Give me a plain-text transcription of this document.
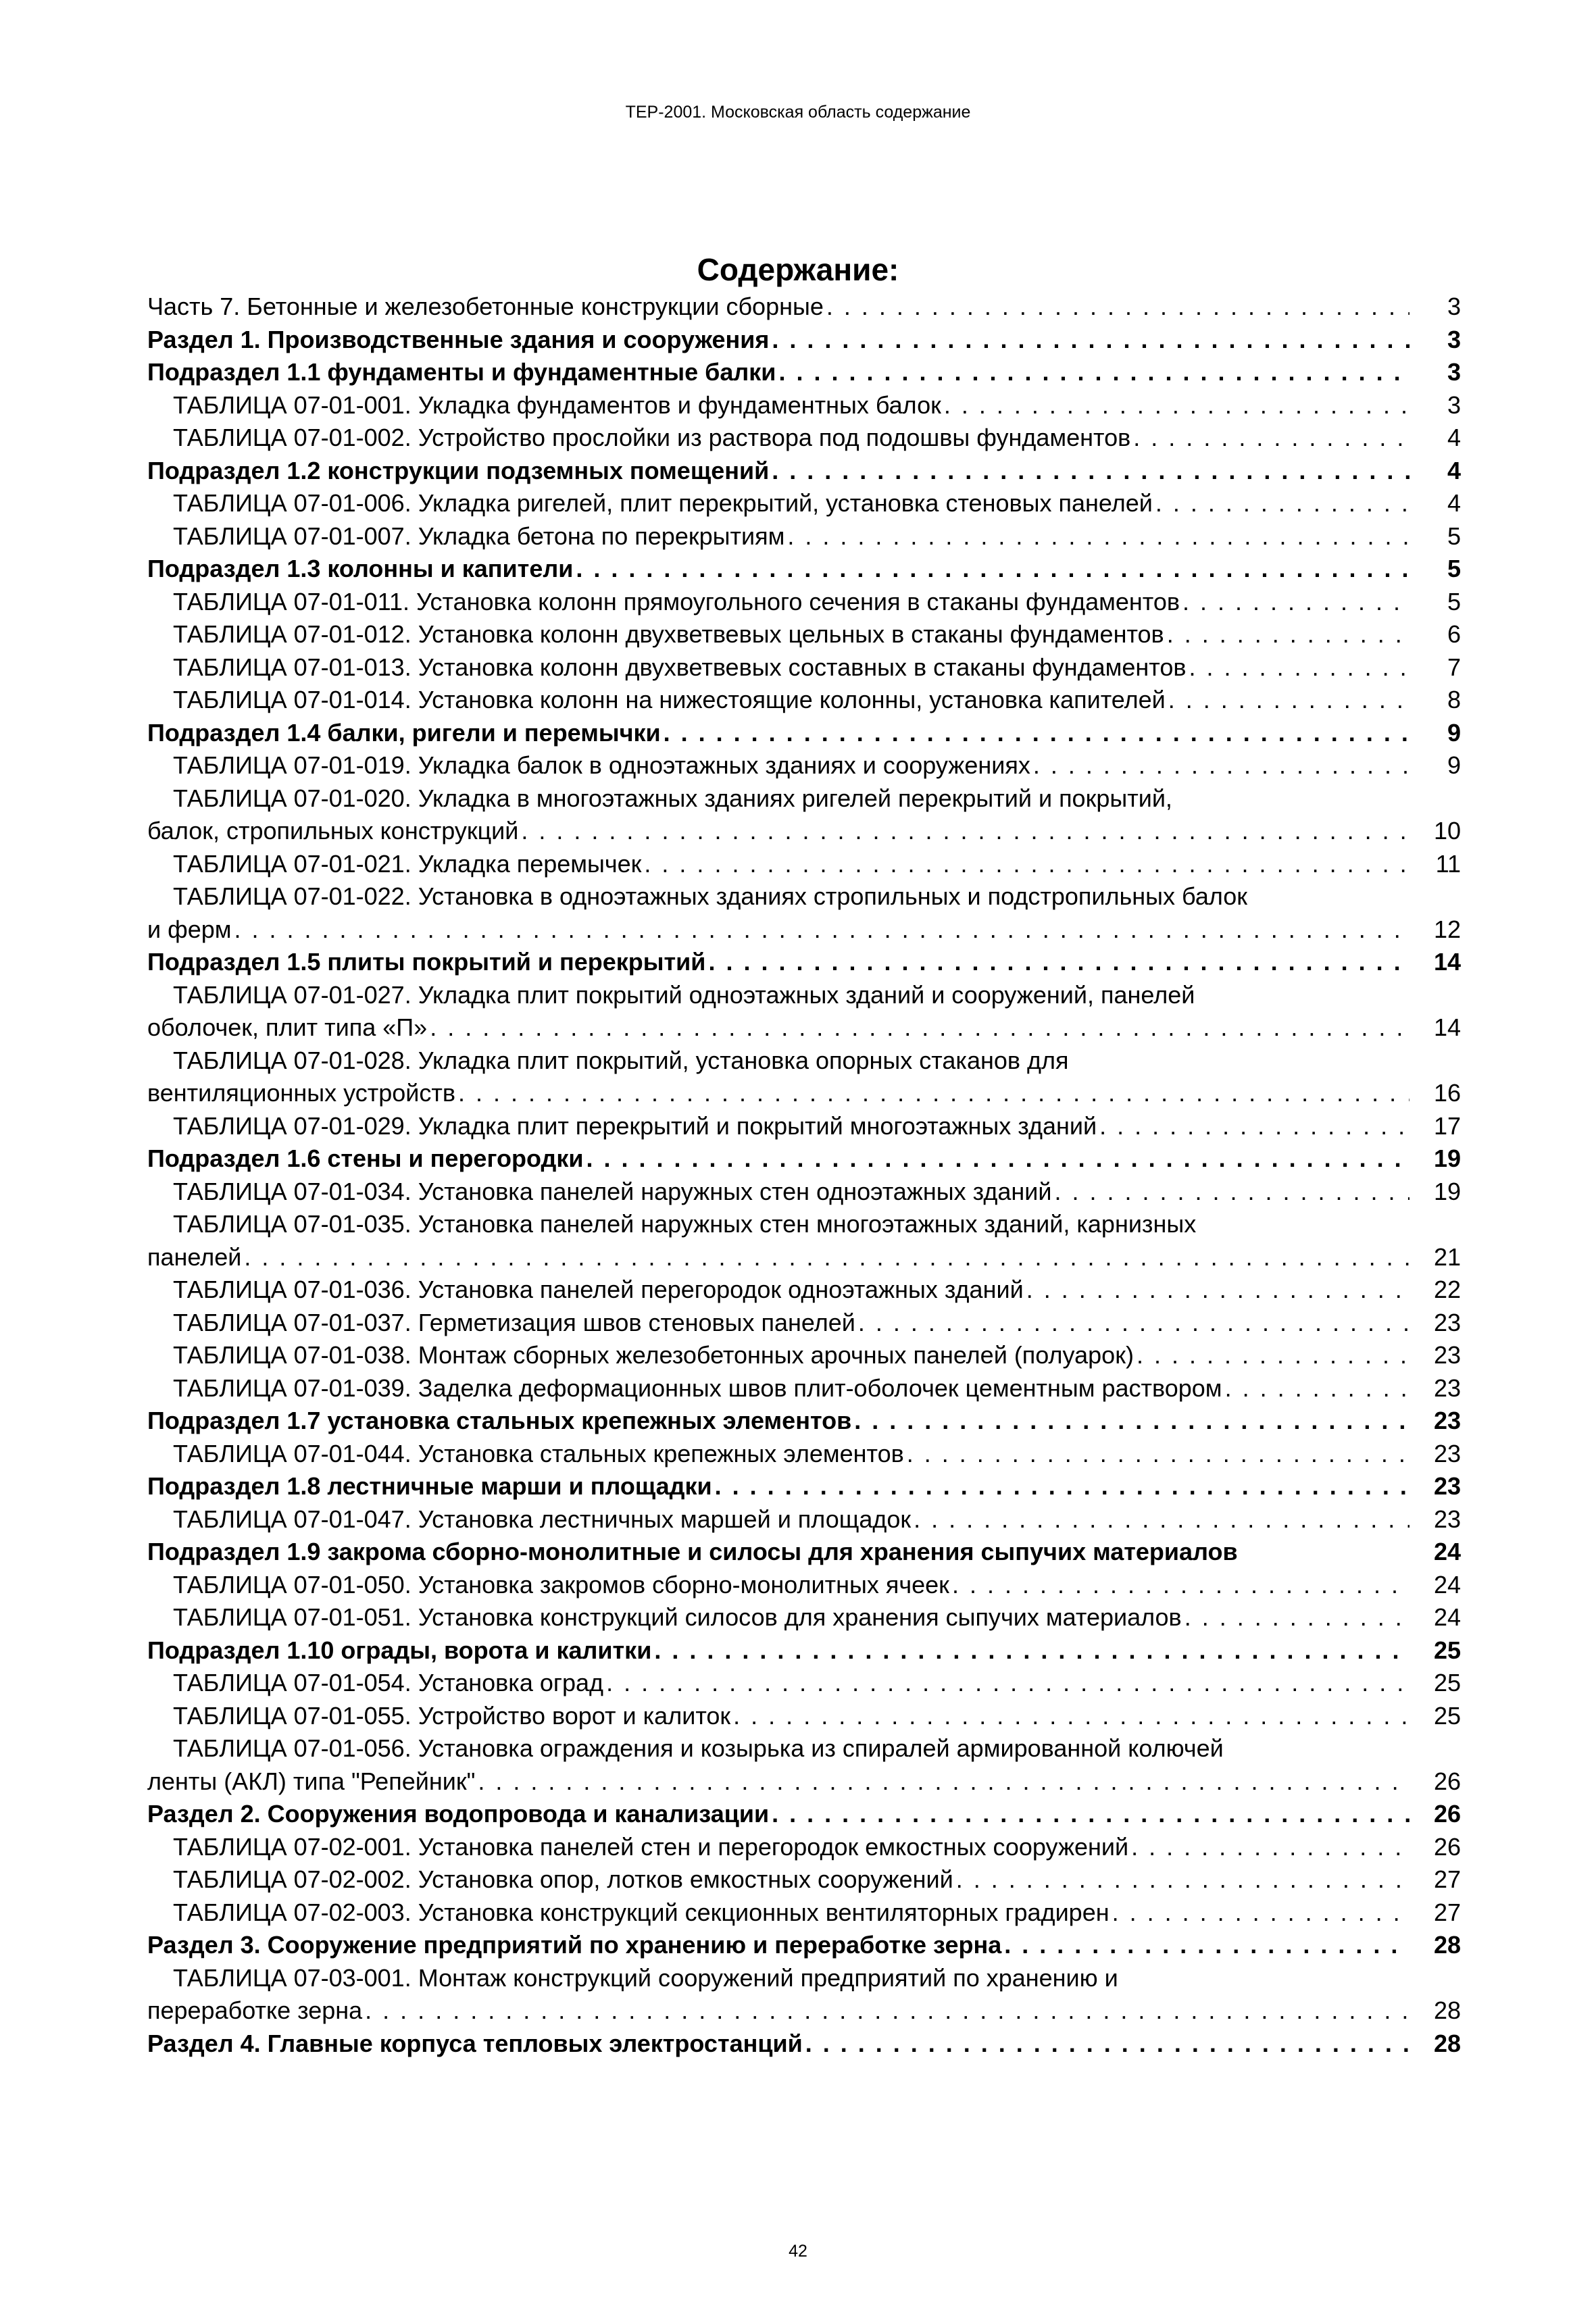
ТЕР-2001. Московская область содержание
Содержание:
Часть 7. Бетонные и железобетонные конструкции сборные . . .	3
Раздел 1. Производственные здания и сооружения . . .	3
Подраздел 1.1 фундаменты и фундаментные балки . . .	3
ТАБЛИЦА 07-01-001. Укладка фундаментов и фундаментных балок . . .	3
ТАБЛИЦА 07-01-002. Устройство прослойки из раствора под подошвы фундаментов . . .	4
Подраздел 1.2 конструкции подземных помещений . . .	4
ТАБЛИЦА 07-01-006. Укладка ригелей, плит перекрытий, установка стеновых панелей . . .	4
ТАБЛИЦА 07-01-007. Укладка бетона по перекрытиям . . .	5
Подраздел 1.3 колонны и капители . . .	5
ТАБЛИЦА 07-01-011. Установка колонн прямоугольного сечения в стаканы фундаментов . . .	5
ТАБЛИЦА 07-01-012. Установка колонн двухветвевых цельных в стаканы фундаментов . . .	6
ТАБЛИЦА 07-01-013. Установка колонн двухветвевых составных в стаканы фундаментов . . .	7
ТАБЛИЦА 07-01-014. Установка колонн на нижестоящие колонны, установка капителей . . .	8
Подраздел 1.4 балки, ригели и перемычки . . .	9
ТАБЛИЦА 07-01-019. Укладка балок в одноэтажных зданиях и сооружениях . . .	9
ТАБЛИЦА 07-01-020. Укладка в многоэтажных зданиях ригелей перекрытий и покрытий,
балок, стропильных конструкций . . .	10
ТАБЛИЦА 07-01-021. Укладка перемычек . . .	11
ТАБЛИЦА 07-01-022. Установка в одноэтажных зданиях стропильных и подстропильных балок
и ферм . . .	12
Подраздел 1.5 плиты покрытий и перекрытий . . .	14
ТАБЛИЦА 07-01-027. Укладка плит покрытий одноэтажных зданий и сооружений, панелей
оболочек, плит типа «П» . . .	14
ТАБЛИЦА 07-01-028. Укладка плит покрытий, установка опорных стаканов для
вентиляционных устройств . . .	16
ТАБЛИЦА 07-01-029. Укладка плит перекрытий и покрытий многоэтажных зданий . . .	17
Подраздел 1.6 стены и перегородки . . .	19
ТАБЛИЦА 07-01-034. Установка панелей наружных стен одноэтажных зданий . . .	19
ТАБЛИЦА 07-01-035. Установка панелей наружных стен многоэтажных зданий, карнизных
панелей . . .	21
ТАБЛИЦА 07-01-036. Установка панелей перегородок одноэтажных зданий . . .	22
ТАБЛИЦА 07-01-037. Герметизация швов стеновых панелей . . .	23
ТАБЛИЦА 07-01-038. Монтаж сборных железобетонных арочных панелей (полуарок) . . .	23
ТАБЛИЦА 07-01-039. Заделка деформационных швов плит-оболочек цементным раствором . . .	23
Подраздел 1.7 установка стальных крепежных элементов . . .	23
ТАБЛИЦА 07-01-044. Установка стальных крепежных элементов . . .	23
Подраздел 1.8 лестничные марши и площадки . . .	23
ТАБЛИЦА 07-01-047. Установка лестничных маршей и площадок . . .	23
Подраздел 1.9 закрома сборно-монолитные и силосы для хранения сыпучих материалов	24
ТАБЛИЦА 07-01-050. Установка закромов сборно-монолитных ячеек . . .	24
ТАБЛИЦА 07-01-051. Установка конструкций силосов для хранения сыпучих материалов . . .	24
Подраздел 1.10 ограды, ворота и калитки . . .	25
ТАБЛИЦА 07-01-054. Установка оград . . .	25
ТАБЛИЦА 07-01-055. Устройство ворот и калиток . . .	25
ТАБЛИЦА 07-01-056. Установка ограждения и козырька из спиралей армированной колючей
ленты (АКЛ) типа "Репейник" . . .	26
Раздел 2. Сооружения водопровода и канализации . . .	26
ТАБЛИЦА 07-02-001. Установка панелей стен и перегородок емкостных сооружений . . .	26
ТАБЛИЦА 07-02-002. Установка опор, лотков емкостных сооружений . . .	27
ТАБЛИЦА 07-02-003. Установка конструкций секционных вентиляторных градирен . . .	27
Раздел 3. Сооружение предприятий по хранению и переработке зерна . . .	28
ТАБЛИЦА 07-03-001. Монтаж конструкций сооружений предприятий по хранению и
переработке зерна . . .	28
Раздел 4. Главные корпуса тепловых электростанций . . .	28
42
